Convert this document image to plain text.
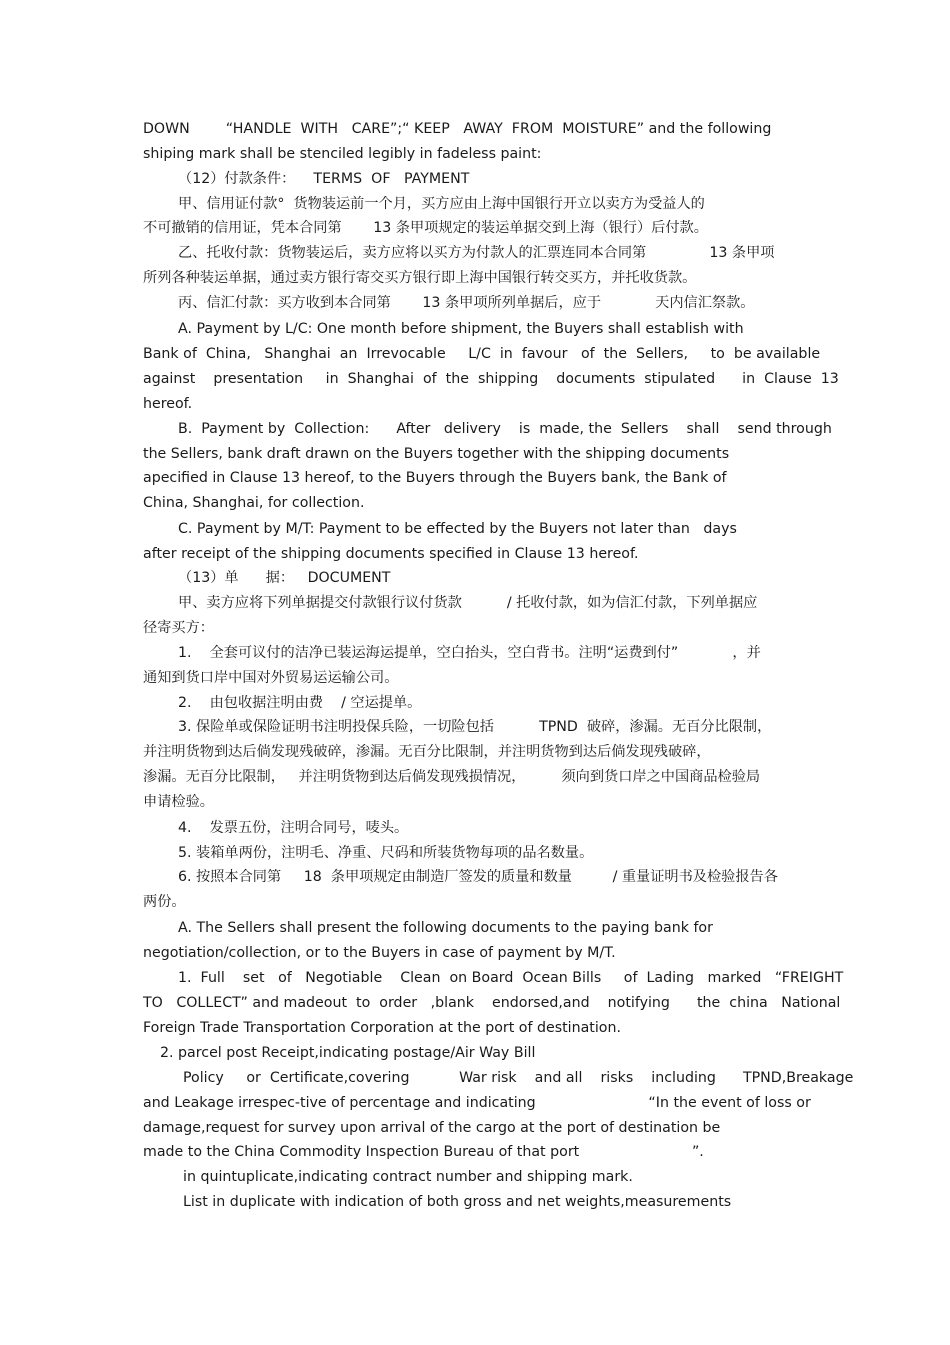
DOWN        “HANDLE  WITH   CARE”;“ KEEP   AWAY  FROM  MOISTURE” and the following
shiping mark shall be stenciled legibly in fadeless paint:
（12）付款条件：    TERMS  OF   PAYMENT
甲、信用证付款°  货物装运前一个月，买方应由上海中国银行开立以卖方为受益人的
不可撤销的信用证，凭本合同第       13 条甲项规定的装运单据交到上海（银行）后付款。
乙、托收付款：货物装运后，卖方应将以买方为付款人的汇票连同本合同第              13 条甲项
所列各种装运单据，通过卖方银行寄交买方银行即上海中国银行转交买方，并托收货款。
丙、信汇付款：买方收到本合同第       13 条甲项所列单据后，应于            天内信汇祭款。
A. Payment by L/C: One month before shipment, the Buyers shall establish with
Bank of  China,   Shanghai  an  Irrevocable     L/C  in  favour   of  the  Sellers,     to  be available
against    presentation     in  Shanghai  of  the  shipping    documents  stipulated      in  Clause  13
hereof.
B.  Payment by  Collection:      After   delivery    is  made, the  Sellers    shall    send through
the Sellers, bank draft drawn on the Buyers together with the shipping documents
apecified in Clause 13 hereof, to the Buyers through the Buyers bank, the Bank of
China, Shanghai, for collection.
C. Payment by M/T: Payment to be effected by the Buyers not later than   days
after receipt of the shipping documents specified in Clause 13 hereof.
（13）单      据：   DOCUMENT
甲、卖方应将下列单据提交付款银行议付货款          / 托收付款，如为信汇付款，下列单据应
径寄买方：
1.    全套可议付的洁净已装运海运提单，空白抬头，空白背书。注明“运费到付”            ，并
通知到货口岸中国对外贸易运运输公司。
2.    由包收据注明由费    / 空运提单。
3. 保险单或保险证明书注明投保兵险，一切险包括          TPND  破碎，渗漏。无百分比限制，
并注明货物到达后倘发现残破碎，渗漏。无百分比限制，并注明货物到达后倘发现残破碎，
渗漏。无百分比限制，   并注明货物到达后倘发现残损情况，        须向到货口岸之中国商品检验局
申请检验。
4.    发票五份，注明合同号，唛头。
5. 装箱单两份，注明毛、净重、尺码和所装货物每项的品名数量。
6. 按照本合同第     18  条甲项规定由制造厂签发的质量和数量         / 重量证明书及检验报告各
两份。
A. The Sellers shall present the following documents to the paying bank for
negotiation/collection, or to the Buyers in case of payment by M/T.
1.  Full    set   of   Negotiable    Clean  on Board  Ocean Bills     of  Lading   marked   “FREIGHT
TO   COLLECT” and madeout  to  order   ,blank    endorsed,and    notifying      the  china   National
Foreign Trade Transportation Corporation at the port of destination.
2. parcel post Receipt,indicating postage/Air Way Bill
Policy     or  Certificate,covering           War risk    and all    risks    including      TPND,Breakage
and Leakage irrespec-tive of percentage and indicating                         “In the event of loss or
damage,request for survey upon arrival of the cargo at the port of destination be
made to the China Commodity Inspection Bureau of that port                         ”.
in quintuplicate,indicating contract number and shipping mark.
List in duplicate with indication of both gross and net weights,measurements
